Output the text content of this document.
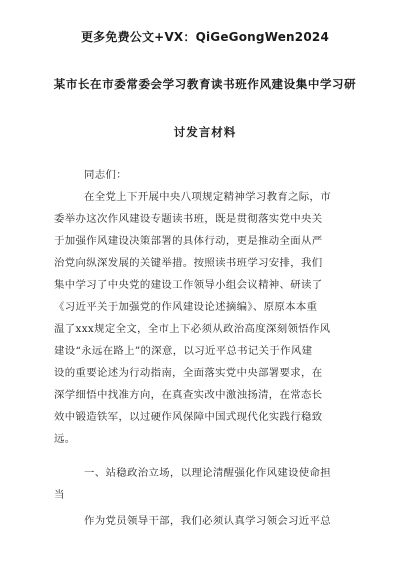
更多免费公文+VX：QiGeGongWen2024
某市长在市委常委会学习教育读书班作风建设集中学习研
讨发言材料
同志们：
在全党上下开展中央八项规定精神学习教育之际，市
委举办这次作风建设专题读书班，既是贯彻落实党中央关
于加强作风建设决策部署的具体行动，更是推动全面从严
治党向纵深发展的关键举措。按照读书班学习安排，我们
集中学习了中央党的建设工作领导小组会议精神、研读了
《习近平关于加强党的作风建设论述摘编》、原原本本重
温了xxx规定全文，全市上下必须从政治高度深刻领悟作风
建设“永远在路上”的深意，以习近平总书记关于作风建
设的重要论述为行动指南，全面落实党中央部署要求，在
深学细悟中找准方向，在真查实改中激浊扬清，在常态长
效中锻造铁军，以过硬作风保障中国式现代化实践行稳致
远。
一、站稳政治立场，以理论清醒强化作风建设使命担
当
作为党员领导干部，我们必须认真学习领会习近平总
